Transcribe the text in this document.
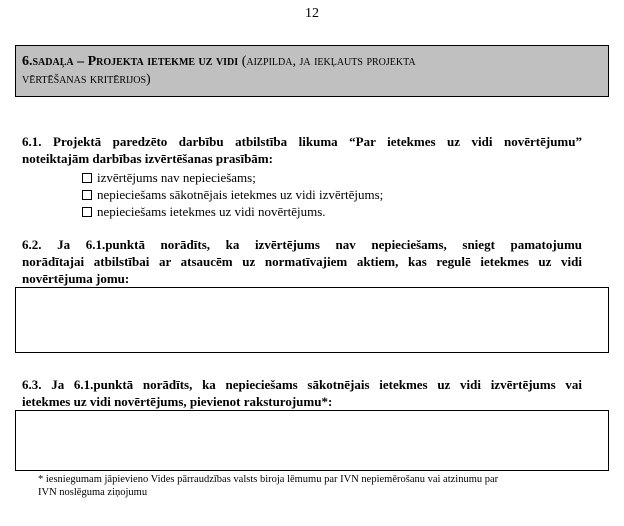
12
6.sadaļa – Projekta ietekme uz vidi (aizpilda, ja iekļauts projekta
vērtēšanas kritērijos)
6.1. Projektā paredzēto darbību atbilstība likuma “Par ietekmes uz vidi novērtējumu”
noteiktajām darbības izvērtēšanas prasībām:
izvērtējums nav nepieciešams;
nepieciešams sākotnējais ietekmes uz vidi izvērtējums;
nepieciešams ietekmes uz vidi novērtējums.
6.2. Ja 6.1.punktā norādīts, ka izvērtējums nav nepieciešams, sniegt pamatojumu
norādītajai atbilstībai ar atsaucēm uz normatīvajiem aktiem, kas regulē ietekmes uz vidi
novērtējuma jomu:
6.3. Ja 6.1.punktā norādīts, ka nepieciešams sākotnējais ietekmes uz vidi izvērtējums vai
ietekmes uz vidi novērtējums, pievienot raksturojumu*:
* iesniegumam jāpievieno Vides pārraudzības valsts biroja lēmumu par IVN nepiemērošanu vai atzinumu par
IVN noslēguma ziņojumu
